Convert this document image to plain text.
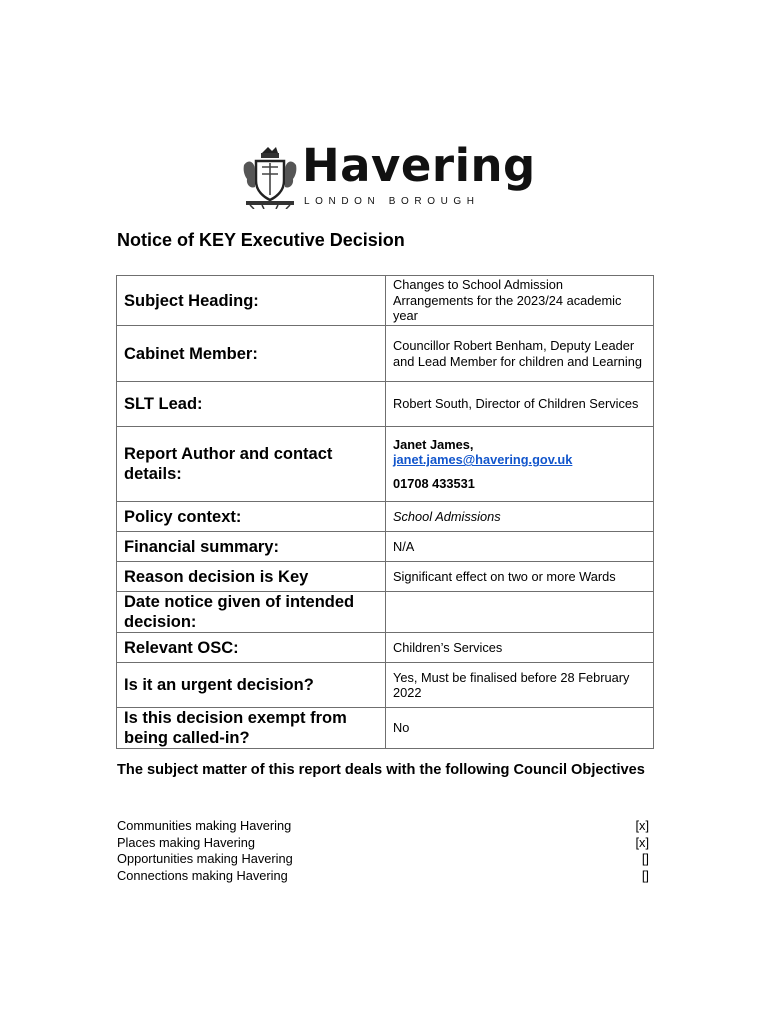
Havering
LONDON BOROUGH
Notice of KEY Executive Decision
Subject Heading:	Changes to School Admission Arrangements for the 2023/24 academic year
Cabinet Member:	Councillor Robert Benham, Deputy Leader and Lead Member for children and Learning
SLT Lead:	Robert South, Director of Children Services
Report Author and contact details:	Janet James,
janet.james@havering.gov.uk
01708 433531

Policy context:	School Admissions
Financial summary:	N/A
Reason decision is Key	Significant effect on two or more Wards
Date notice given of intended decision:	
Relevant OSC:	Children’s Services
Is it an urgent decision?	Yes, Must be finalised before 28 February 2022
Is this decision exempt from being called-in?	No
The subject matter of this report deals with the following Council Objectives
Communities making Havering	[x]
Places making Havering	[x]
Opportunities making Havering	[]
Connections making Havering	[]
